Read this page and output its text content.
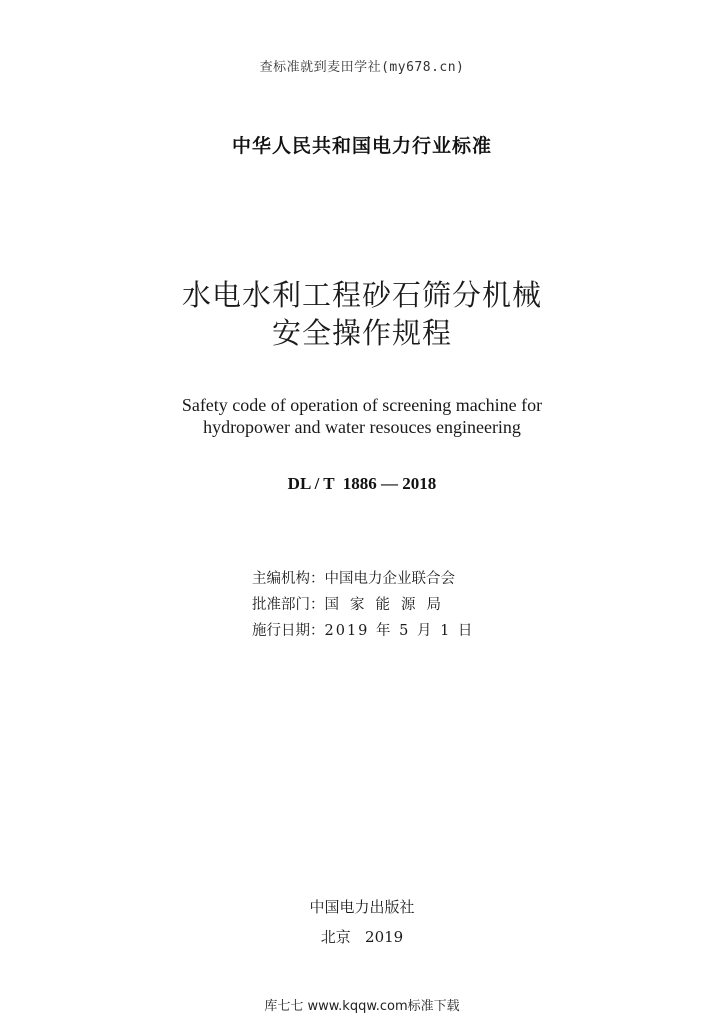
查标准就到麦田学社(my678.cn)
中华人民共和国电力行业标准
水电水利工程砂石筛分机械
安全操作规程
Safety code of operation of screening machine for
hydropower and water resouces engineering
DL / T  1886 — 2018
主编机构：中国电力企业联合会
批准部门：国家能源局
施行日期：2019 年 5 月 1 日
中国电力出版社
北京   2019
库七七 www.kqqw.com标准下载
